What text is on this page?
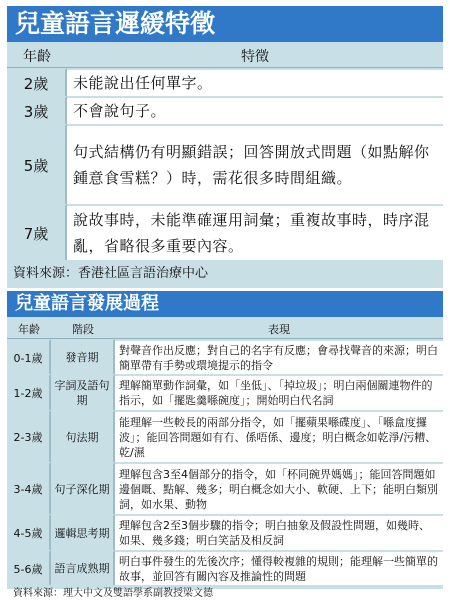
兒童語言遲緩特徵
年齡	特徵
2歲	未能說出任何單字。
3歲	不會說句子。
5歲	句式結構仍有明顯錯誤；回答開放式問題（如點解你鍾意食雪糕？）時，需花很多時間組織。
7歲	說故事時，未能準確運用詞彙；重複故事時，時序混亂，省略很多重要內容。
資料來源：香港社區言語治療中心
兒童語言發展過程
年齡	階段	表現
0-1歲	發音期	對聲音作出反應；對自己的名字有反應；會尋找聲音的來源；明白簡單帶有手勢或環境提示的指令
1-2歲	字詞及語句期	理解簡單動作詞彙，如「坐低」、「掉垃圾」；明白兩個關連物件的指示，如「擺匙羹喺碗度」；開始明白代名詞
2-3歲	句法期	能理解一些較長的兩部分指令，如「擺蘋果喺碟度」、「喺盒度攞波」；能回答問題如有冇、係唔係、邊度；明白概念如乾淨/污糟、乾/濕
3-4歲	句子深化期	理解包含3至4個部分的指令，如「杯同碗畀媽媽」；能回答問題如邊個嘅、點解、幾多；明白概念如大小、軟硬、上下；能明白類別詞，如水果、動物
4-5歲	邏輯思考期	理解包含2至3個步驟的指令；明白抽象及假設性問題，如幾時、如果、幾多錢；明白笑話及相反詞
5-6歲	語言成熟期	明白事件發生的先後次序；懂得較複雜的規則；能理解一些簡單的故事，並回答有關內容及推論性的問題
資料來源：理大中文及雙語學系副教授梁文德
